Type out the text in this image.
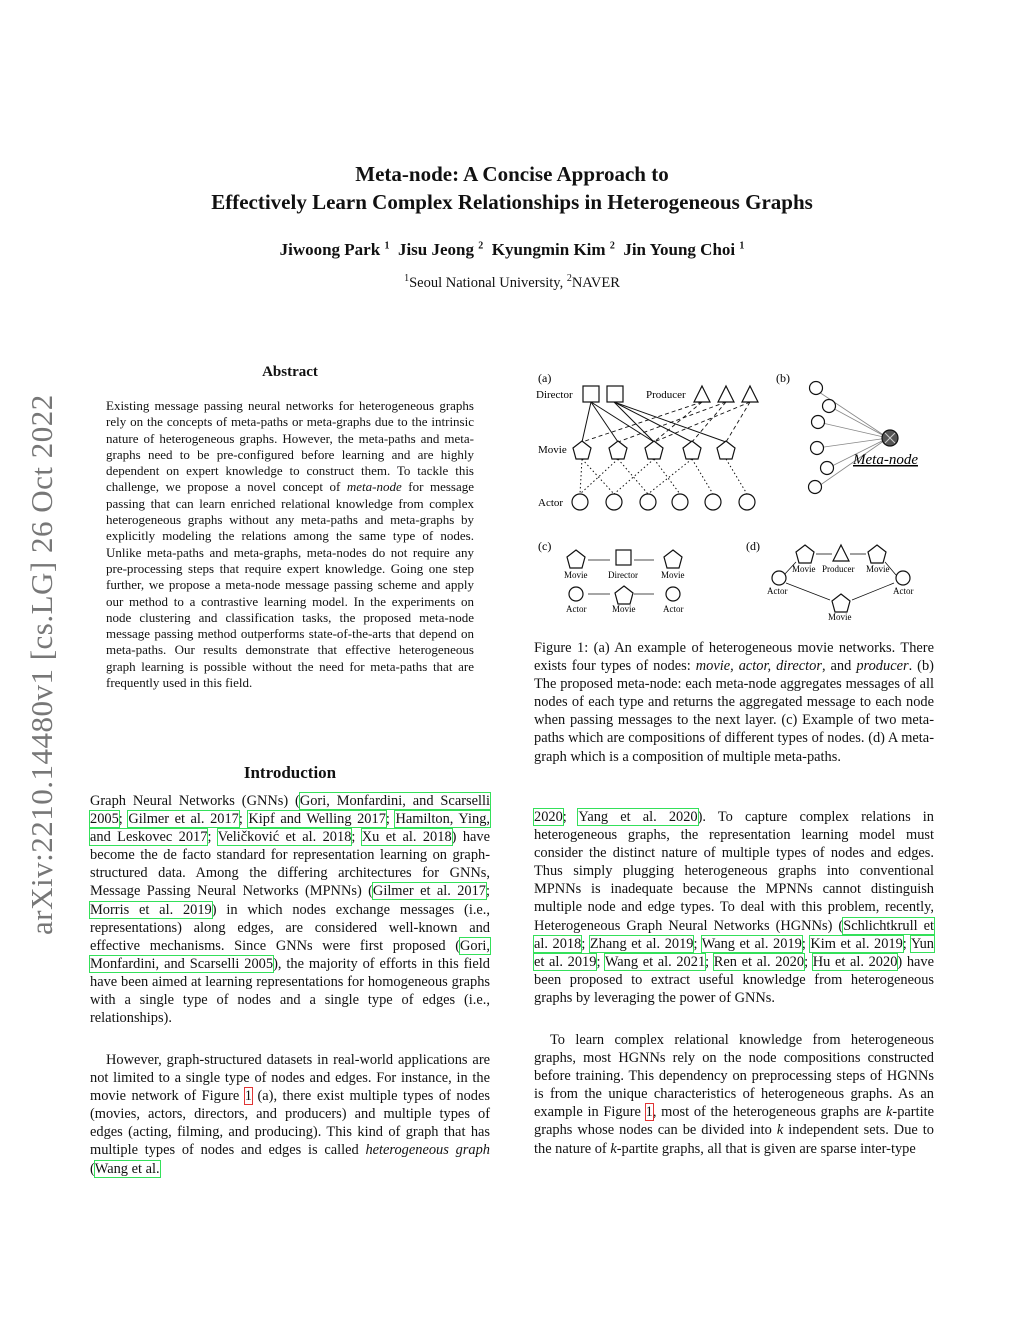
Meta-node: A Concise Approach to
Effectively Learn Complex Relationships in Heterogeneous Graphs
Jiwoong Park $^1$ Jisu Jeong $^2$ Kyungmin Kim $^2$ Jin Young Choi $^1$
$^1$Seoul National University, $^2$NAVER
arXiv:2210.14480v1 [cs.LG] 26 Oct 2022
Abstract
Existing message passing neural networks for heterogeneous graphs rely on the concepts of meta-paths or meta-graphs due to the intrinsic nature of heterogeneous graphs. However, the meta-paths and meta-graphs need to be pre-configured before learning and are highly dependent on expert knowledge to construct them. To tackle this challenge, we propose a novel concept of meta-node for message passing that can learn enriched relational knowledge from complex heterogeneous graphs without any meta-paths and meta-graphs by explicitly modeling the relations among the same type of nodes. Unlike meta-paths and meta-graphs, meta-nodes do not require any pre-processing steps that require expert knowledge. Going one step further, we propose a meta-node message passing scheme and apply our method to a contrastive learning model. In the experiments on node clustering and classification tasks, the proposed meta-node message passing method outperforms state-of-the-arts that depend on meta-paths. Our results demonstrate that effective heterogeneous graph learning is possible without the need for meta-paths that are frequently used in this field.
Introduction
Graph Neural Networks (GNNs) (Gori, Monfardini, and Scarselli 2005; Gilmer et al. 2017; Kipf and Welling 2017; Hamilton, Ying, and Leskovec 2017; Veličković et al. 2018; Xu et al. 2018) have become the de facto standard for representation learning on graph-structured data. Among the differing architectures for GNNs, Message Passing Neural Networks (MPNNs) (Gilmer et al. 2017; Morris et al. 2019) in which nodes exchange messages (i.e., representations) along edges, are considered well-known and effective mechanisms. Since GNNs were first proposed (Gori, Monfardini, and Scarselli 2005), the majority of efforts in this field have been aimed at learning representations for homogeneous graphs with a single type of nodes and a single type of edges (i.e., relationships).
However, graph-structured datasets in real-world applications are not limited to a single type of nodes and edges. For instance, in the movie network of Figure 1 (a), there exist multiple types of nodes (movies, actors, directors, and producers) and multiple types of edges (acting, filming, and producing). This kind of graph that has multiple types of nodes and edges is called heterogeneous graph (Wang et al.
(a)	(b)
(c)	(d)
Director	Producer
Movie
Actor
Meta-node
Movie Director	Movie
Actor	Movie	Actor
Movie Producer Movie
Actor	Actor
Movie
Figure 1: (a) An example of heterogeneous movie networks. There exists four types of nodes: movie, actor, director, and producer. (b) The proposed meta-node: each meta-node aggregates messages of all nodes of each type and returns the aggregated message to each node when passing messages to the next layer. (c) Example of two meta-paths which are compositions of different types of nodes. (d) A meta-graph which is a composition of multiple meta-paths.
2020; Yang et al. 2020). To capture complex relations in heterogeneous graphs, the representation learning model must consider the distinct nature of multiple types of nodes and edges. Thus simply plugging heterogeneous graphs into conventional MPNNs is inadequate because the MPNNs cannot distinguish multiple node and edge types. To deal with this problem, recently, Heterogeneous Graph Neural Networks (HGNNs) (Schlichtkrull et al. 2018; Zhang et al. 2019; Wang et al. 2019; Kim et al. 2019; Yun et al. 2019; Wang et al. 2021; Ren et al. 2020; Hu et al. 2020) have been proposed to extract useful knowledge from heterogeneous graphs by leveraging the power of GNNs.
To learn complex relational knowledge from heterogeneous graphs, most HGNNs rely on the node compositions constructed before training. This dependency on preprocessing steps of HGNNs is from the unique characteristics of heterogeneous graphs. As an example in Figure 1, most of the heterogeneous graphs are k-partite graphs whose nodes can be divided into k independent sets. Due to the nature of k-partite graphs, all that is given are sparse inter-type
